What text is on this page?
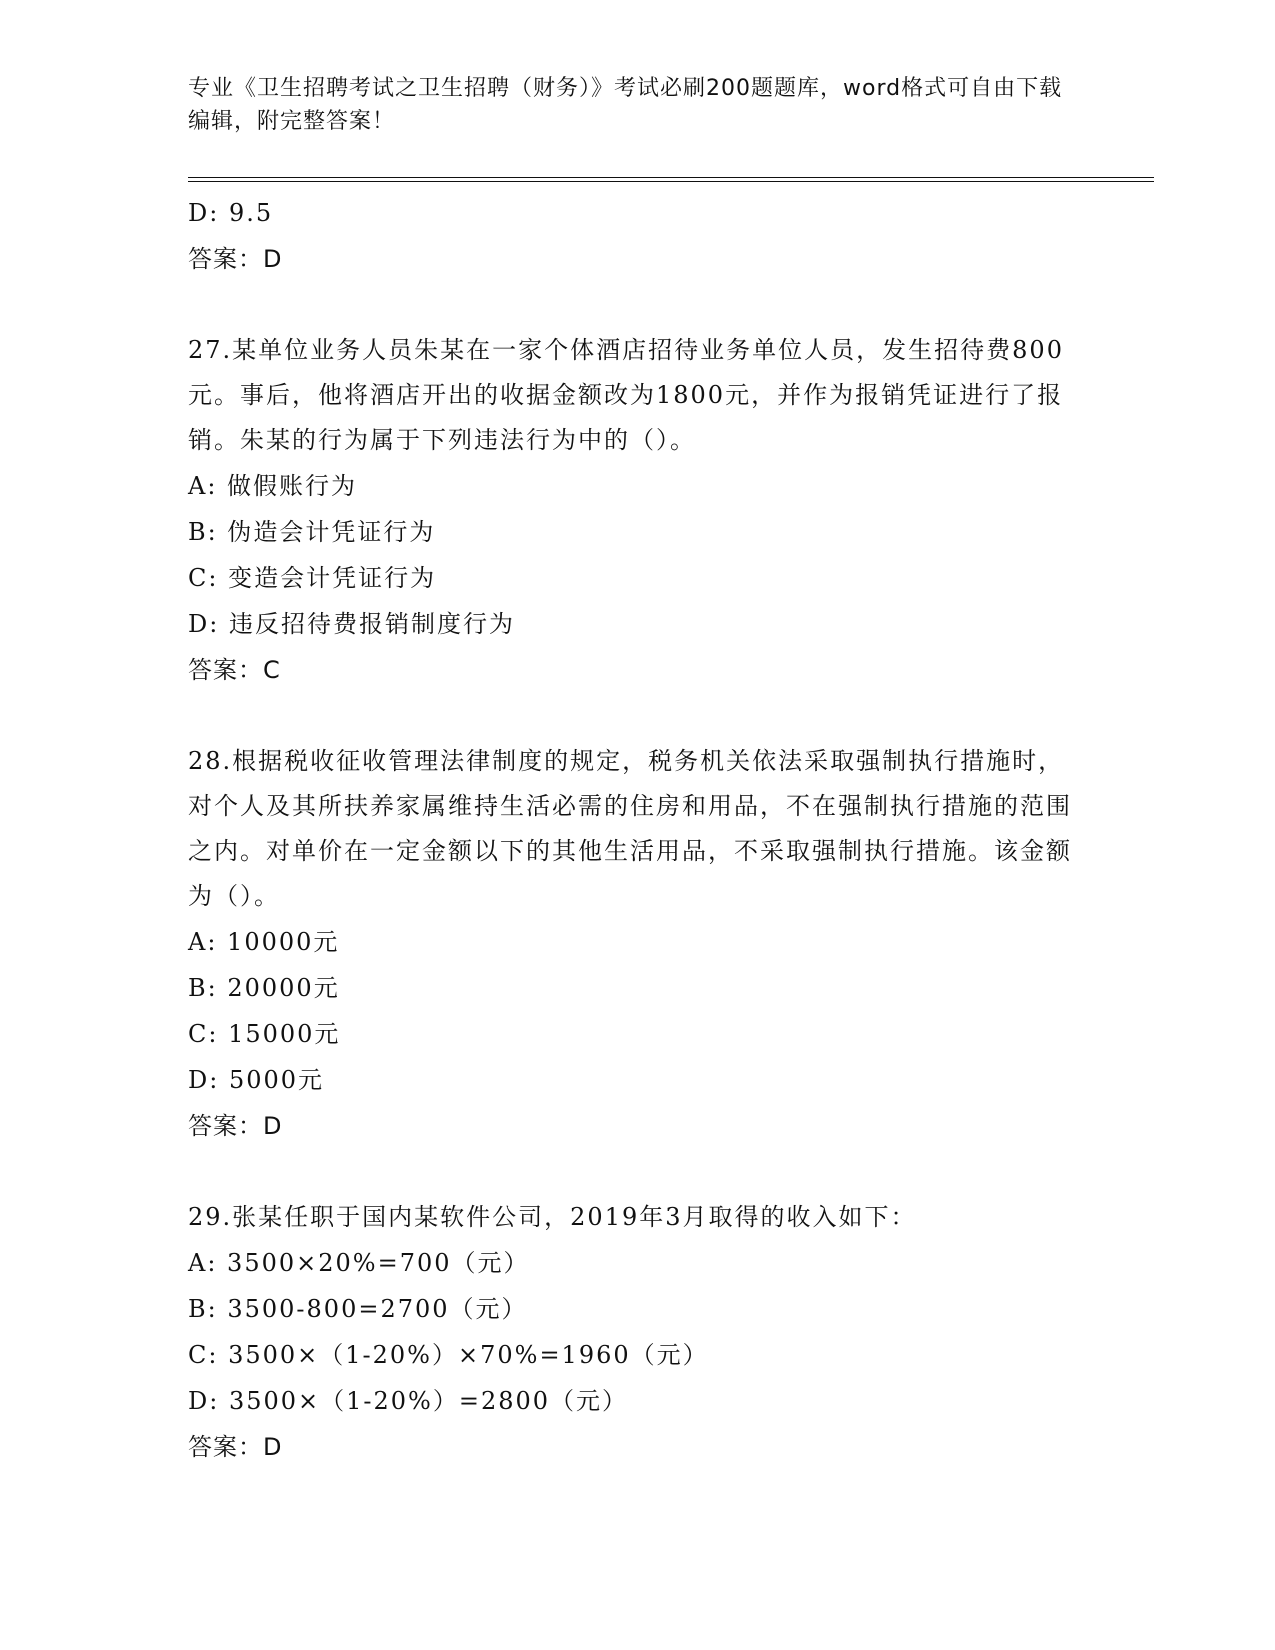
专业《卫生招聘考试之卫生招聘（财务）》考试必刷200题题库，word格式可自由下载编辑，附完整答案！
D: 9.5
答案：D
27.某单位业务人员朱某在一家个体酒店招待业务单位人员，发生招待费800元。事后，他将酒店开出的收据金额改为1800元，并作为报销凭证进行了报销。朱某的行为属于下列违法行为中的（）。
A: 做假账行为
B: 伪造会计凭证行为
C: 变造会计凭证行为
D: 违反招待费报销制度行为
答案：C
28.根据税收征收管理法律制度的规定，税务机关依法采取强制执行措施时，对个人及其所扶养家属维持生活必需的住房和用品，不在强制执行措施的范围之内。对单价在一定金额以下的其他生活用品，不采取强制执行措施。该金额为（）。
A: 10000元
B: 20000元
C: 15000元
D: 5000元
答案：D
29.张某任职于国内某软件公司，2019年3月取得的收入如下：
A: 3500×20%=700（元）
B: 3500-800=2700（元）
C: 3500×（1-20%）×70%=1960（元）
D: 3500×（1-20%）=2800（元）
答案：D
